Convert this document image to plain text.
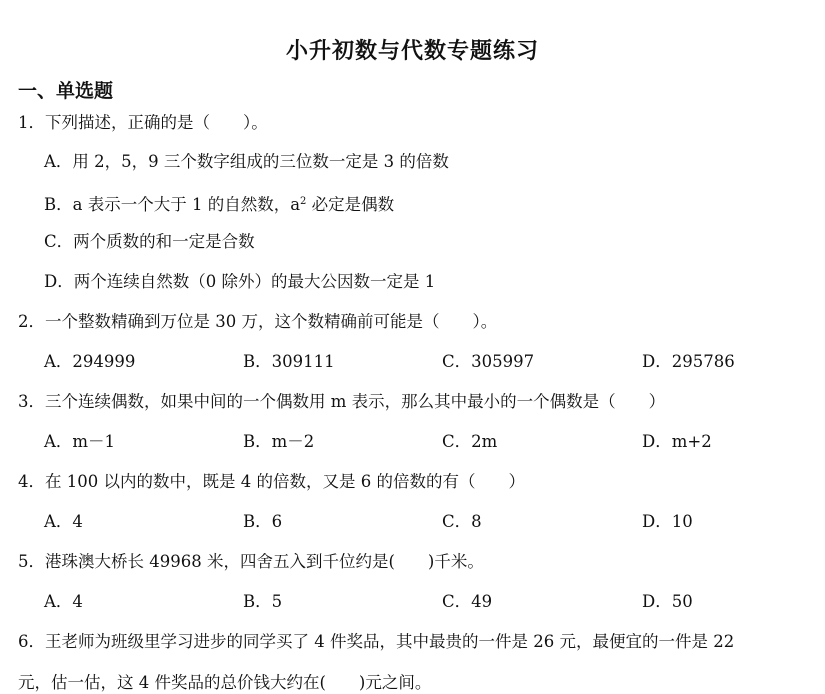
小升初数与代数专题练习
一、单选题
1．下列描述，正确的是（　　）。
A．用 2，5，9 三个数字组成的三位数一定是 3 的倍数
B．a 表示一个大于 1 的自然数，$a^2$ 必定是偶数
C．两个质数的和一定是合数
D．两个连续自然数（0 除外）的最大公因数一定是 1
2．一个整数精确到万位是 30 万，这个数精确前可能是（　　）。
A．294999	B．309111	C．305997	D．295786
3．三个连续偶数，如果中间的一个偶数用 m 表示，那么其中最小的一个偶数是（　　）
A．m－1	B．m－2	C．2m	D．m+2
4．在 100 以内的数中，既是 4 的倍数，又是 6 的倍数的有（　　）
A．4	B．6	C．8	D．10
5．港珠澳大桥长 49968 米，四舍五入到千位约是(　　)千米。
A．4	B．5	C．49	D．50
6．王老师为班级里学习进步的同学买了 4 件奖品，其中最贵的一件是 26 元，最便宜的一件是 22
元，估一估，这 4 件奖品的总价钱大约在(　　)元之间。
